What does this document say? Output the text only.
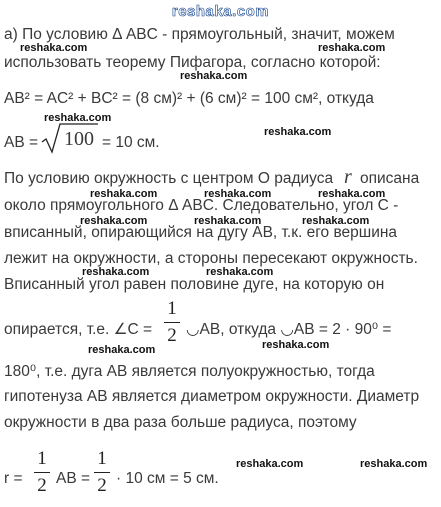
reshaka.com
а) По условию Δ ABC - прямоугольный, значит, можем
reshaka.com	reshaka.com
использовать теорему Пифагора, согласно которой:
reshaka.com
AB² = AC² + BC² = (8 см)² + (6 см)² = 100 см², откуда
reshaka.com
AB = 100 = 10 см.
reshaka.com
По условию окружность с центром О радиуса r описана
reshaka.com	reshaka.com	reshaka.com
около прямоугольного Δ ABC. Следовательно, угол С -
reshaka.com	reshaka.com	reshaka.com
вписанный, опирающийся на дугу AB, т.к. его вершина
лежит на окружности, а стороны пересекают окружность.
reshaka.com	reshaka.com
Вписанный угол равен половине дуге, на которую он
опирается, т.е. ∠C =
1
2 ◡AB, откуда ◡AB = 2 · 90⁰ =
reshaka.com	reshaka.com
180⁰, т.е. дуга АВ является полуокружностью, тогда
гипотенуза AB является диаметром окружности. Диаметр
окружности в два раза больше радиуса, поэтому
r =
1
2 AB =
1
2 · 10 см = 5 см.
reshaka.com	reshaka.com
